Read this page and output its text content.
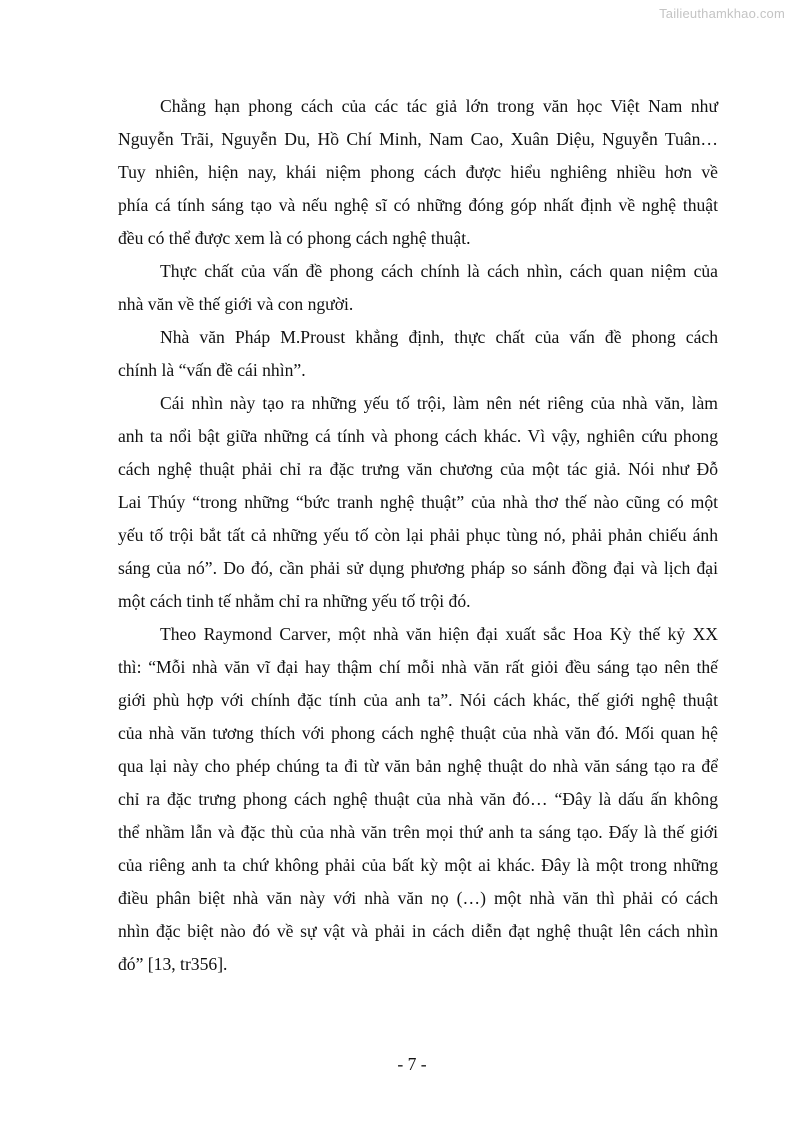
Tailieuthamkhao.com
Chẳng hạn phong cách của các tác giả lớn trong văn học Việt Nam như
Nguyễn Trãi, Nguyễn Du, Hồ Chí Minh, Nam Cao, Xuân Diệu, Nguyễn Tuân…
Tuy nhiên, hiện nay, khái niệm phong cách được hiểu nghiêng nhiều hơn về
phía cá tính sáng tạo và nếu nghệ sĩ có những đóng góp nhất định về nghệ thuật
đều có thể được xem là có phong cách nghệ thuật.
Thực chất của vấn đề phong cách chính là cách nhìn, cách quan niệm của
nhà văn về thế giới và con người.
Nhà văn Pháp M.Proust khẳng định, thực chất của vấn đề phong cách
chính là “vấn đề cái nhìn”.
Cái nhìn này tạo ra những yếu tố trội, làm nên nét riêng của nhà văn, làm
anh ta nổi bật giữa những cá tính và phong cách khác. Vì vậy, nghiên cứu phong
cách nghệ thuật phải chỉ ra đặc trưng văn chương của một tác giả. Nói như Đỗ
Lai Thúy “trong những “bức tranh nghệ thuật” của nhà thơ thế nào cũng có một
yếu tố trội bắt tất cả những yếu tố còn lại phải phục tùng nó, phải phản chiếu ánh
sáng của nó”. Do đó, cần phải sử dụng phương pháp so sánh đồng đại và lịch đại
một cách tinh tế nhằm chỉ ra những yếu tố trội đó.
Theo Raymond Carver, một nhà văn hiện đại xuất sắc Hoa Kỳ thế kỷ XX
thì: “Mỗi nhà văn vĩ đại hay thậm chí mỗi nhà văn rất giỏi đều sáng tạo nên thế
giới phù hợp với chính đặc tính của anh ta”. Nói cách khác, thế giới nghệ thuật
của nhà văn tương thích với phong cách nghệ thuật của nhà văn đó. Mối quan hệ
qua lại này cho phép chúng ta đi từ văn bản nghệ thuật do nhà văn sáng tạo ra để
chỉ ra đặc trưng phong cách nghệ thuật của nhà văn đó… “Đây là dấu ấn không
thể nhầm lẫn và đặc thù của nhà văn trên mọi thứ anh ta sáng tạo. Đấy là thế giới
của riêng anh ta chứ không phải của bất kỳ một ai khác. Đây là một trong những
điều phân biệt nhà văn này với nhà văn nọ (…) một nhà văn thì phải có cách
nhìn đặc biệt nào đó về sự vật và phải in cách diễn đạt nghệ thuật lên cách nhìn
đó” [13, tr356].
- 7 -
